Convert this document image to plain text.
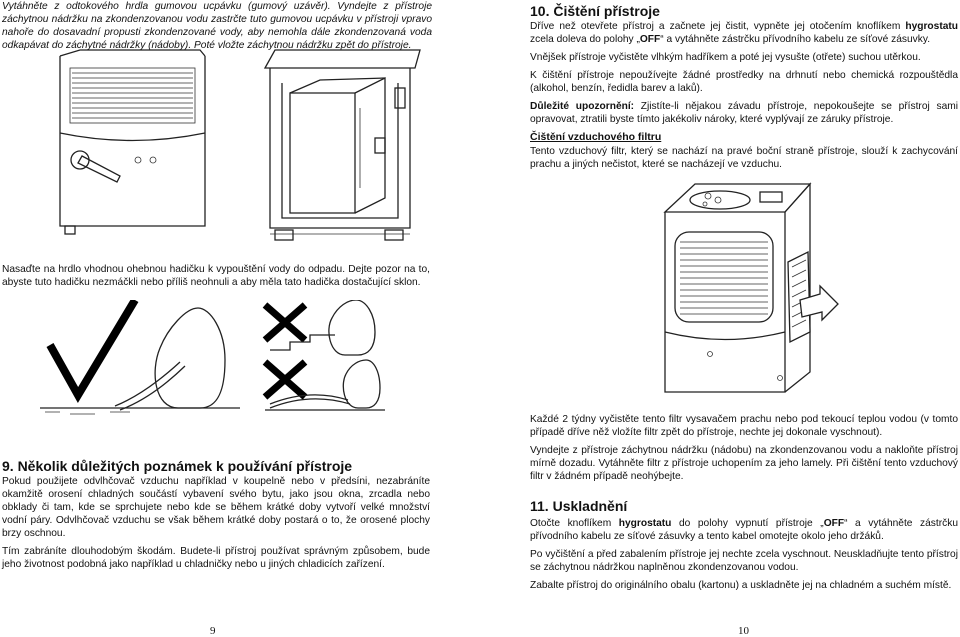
Vytáhněte z odtokového hrdla gumovou ucpávku (gumový uzávěr). Vyndejte z přístroje záchytnou nádržku na zkondenzovanou vodu zastrčte tuto gumovou ucpávku v přístroji vpravo nahoře do dosavadní propusti zkondenzované vody, aby nemohla dále zkondenzovaná voda odkapávat do záchytné nádržky (nádoby). Poté vložte záchytnou nádržku zpět do přístroje.

Nasaďte na hrdlo vhodnou ohebnou hadičku k vypouštění vody do odpadu. Dejte pozor na to, abyste tuto hadičku nezmáčkli nebo příliš neohnuli a aby měla tato hadička dostačující sklon.

9. Několik důležitých poznámek k používání přístroje

Pokud použijete odvlhčovač vzduchu například v koupelně nebo v předsíni, nezabráníte okamžitě orosení chladných součástí vybavení svého bytu, jako jsou okna, zrcadla nebo obklady či tam, kde se sprchujete nebo kde se během krátké doby vytvoří velké množství vodní páry. Odvlhčovač vzduchu se však během krátké doby postará o to, že orosené plochy brzy oschnou.

Tím zabráníte dlouhodobým škodám. Budete-li přístroj používat správným způsobem, bude jeho životnost podobná jako například u chladničky nebo u jiných chladicích zařízení.

9
10. Čištění přístroje

Dříve než otevřete přístroj a začnete jej čistit, vypněte jej otočením knoflíkem hygrostatu zcela doleva do polohy „OFF“ a vytáhněte zástrčku přívodního kabelu ze síťové zásuvky.

Vnějšek přístroje vyčistěte vlhkým hadříkem a poté jej vysušte (otřete) suchou utěrkou.

K čištění přístroje nepoužívejte žádné prostředky na drhnutí nebo chemická rozpouštědla (alkohol, benzín, ředidla barev a laků).

Důležité upozornění: Zjistíte-li nějakou závadu přístroje, nepokoušejte se přístroj sami opravovat, ztratili byste tímto jakékoliv nároky, které vyplývají ze záruky přístroje.

Čištění vzduchového filtru

Tento vzduchový filtr, který se nachází na pravé boční straně přístroje, slouží k zachycování prachu a jiných nečistot, které se nacházejí ve vzduchu.

Každé 2 týdny vyčistěte tento filtr vysavačem prachu nebo pod tekoucí teplou vodou (v tomto případě dříve něž vložíte filtr zpět do přístroje, nechte jej dokonale vyschnout).

Vyndejte z přístroje záchytnou nádržku (nádobu) na zkondenzovanou vodu a nakloňte přístroj mírně dozadu. Vytáhněte filtr z přístroje uchopením za jeho lamely. Při čištění tento vzduchový filtr v žádném případě neohýbejte.

11. Uskladnění

Otočte knoflíkem hygrostatu do polohy vypnutí přístroje „OFF“ a vytáhněte zástrčku přívodního kabelu ze síťové zásuvky a tento kabel omotejte okolo jeho držáků.

Po vyčištění a před zabalením přístroje jej nechte zcela vyschnout. Neuskladňujte tento přístroj se záchytnou nádržkou naplněnou zkondenzovanou vodou.

Zabalte přístroj do originálního obalu (kartonu) a uskladněte jej na chladném a suchém místě.

10
